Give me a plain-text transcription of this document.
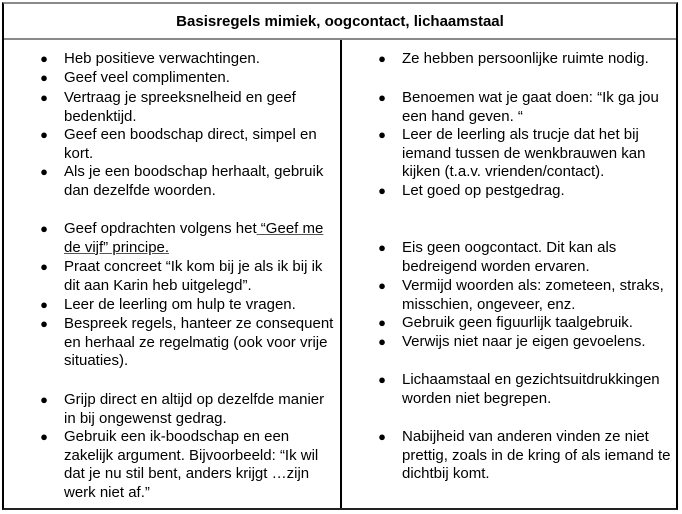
Basisregels mimiek, oogcontact, lichaamstaal
● Heb positieve verwachtingen.
● Geef veel complimenten.
● Vertraag je spreeksnelheid en geef bedenktijd.
● Geef een boodschap direct, simpel en kort.
● Als je een boodschap herhaalt, gebruik dan dezelfde woorden.
● Geef opdrachten volgens het “Geef me de vijf” principe.
● Praat concreet “Ik kom bij je als ik bij ik dit aan Karin heb uitgelegd”.
● Leer de leerling om hulp te vragen.
● Bespreek regels, hanteer ze consequent en herhaal ze regelmatig (ook voor vrije situaties).
● Grijp direct en altijd op dezelfde manier in bij ongewenst gedrag.
● Gebruik een ik-boodschap en een zakelijk argument. Bijvoorbeeld: “Ik wil dat je nu stil bent, anders krijgt …zijn werk niet af.”
● Ze hebben persoonlijke ruimte nodig.
● Benoemen wat je gaat doen: “Ik ga jou een hand geven. “
● Leer de leerling als trucje dat het bij iemand tussen de wenkbrauwen kan kijken (t.a.v. vrienden/contact).
● Let goed op pestgedrag.
● Eis geen oogcontact. Dit kan als bedreigend worden ervaren.
● Vermijd woorden als: zometeen, straks, misschien, ongeveer, enz.
● Gebruik geen figuurlijk taalgebruik.
● Verwijs niet naar je eigen gevoelens.
● Lichaamstaal en gezichtsuitdrukkingen worden niet begrepen.
● Nabijheid van anderen vinden ze niet prettig, zoals in de kring of als iemand te dichtbij komt.
